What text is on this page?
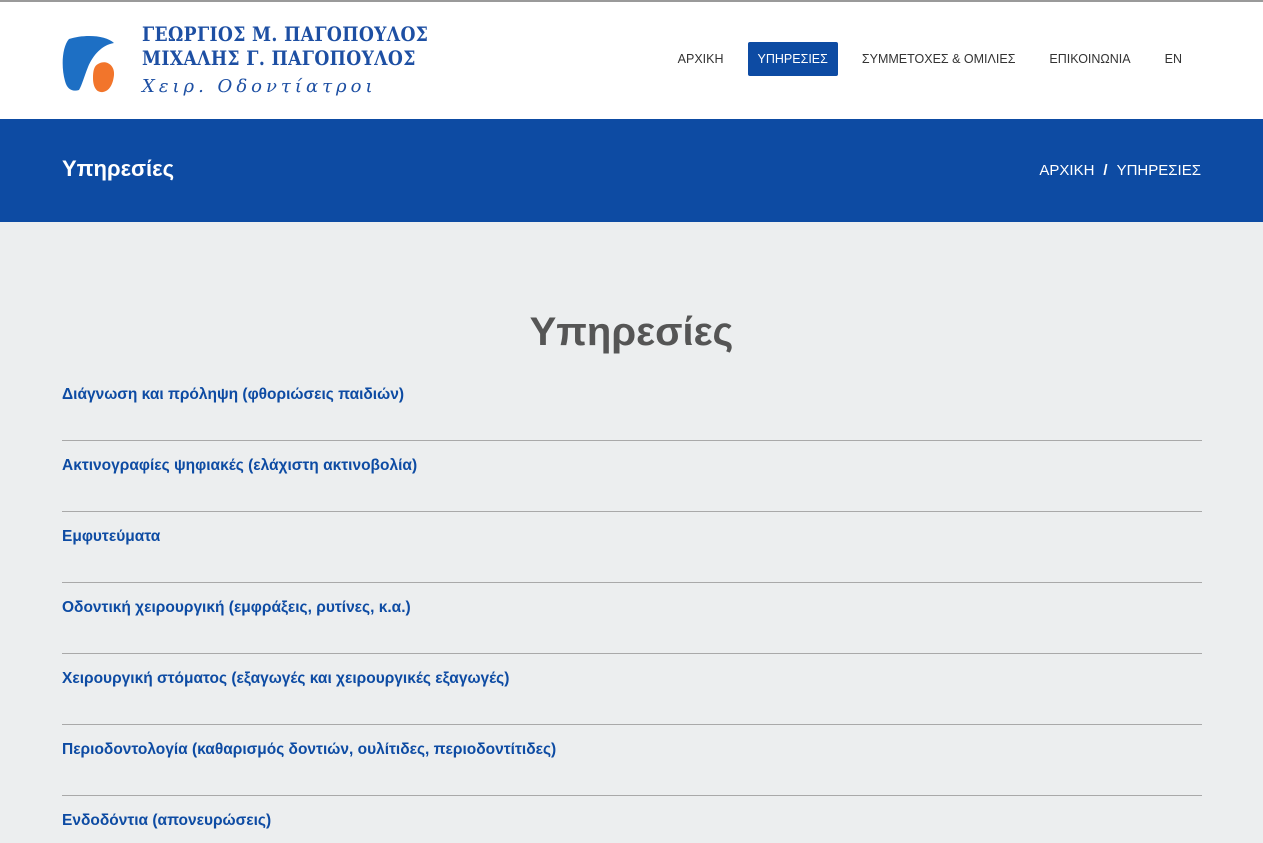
ΓΕΩΡΓΙΟΣ Μ. ΠΑΓΟΠΟΥΛΟΣ
ΜΙΧΑΛΗΣ Γ. ΠΑΓΟΠΟΥΛΟΣ
Χειρ. Οδοντίατροι
ΑΡΧΙΚΗ	ΥΠΗΡΕΣΙΕΣ	ΣΥΜΜΕΤΟΧΕΣ & ΟΜΙΛΙΕΣ	ΕΠΙΚΟΙΝΩΝΙΑ	EN
Υπηρεσίες	ΑΡΧΙΚΗ / ΥΠΗΡΕΣΙΕΣ
Υπηρεσίες
Διάγνωση και πρόληψη (φθοριώσεις παιδιών)
Ακτινογραφίες ψηφιακές (ελάχιστη ακτινοβολία)
Εμφυτεύματα
Οδοντική χειρουργική (εμφράξεις, ρυτίνες, κ.α.)
Χειρουργική στόματος (εξαγωγές και χειρουργικές εξαγωγές)
Περιοδοντολογία (καθαρισμός δοντιών, ουλίτιδες, περιοδοντίτιδες)
Ενδοδόντια (απονευρώσεις)
